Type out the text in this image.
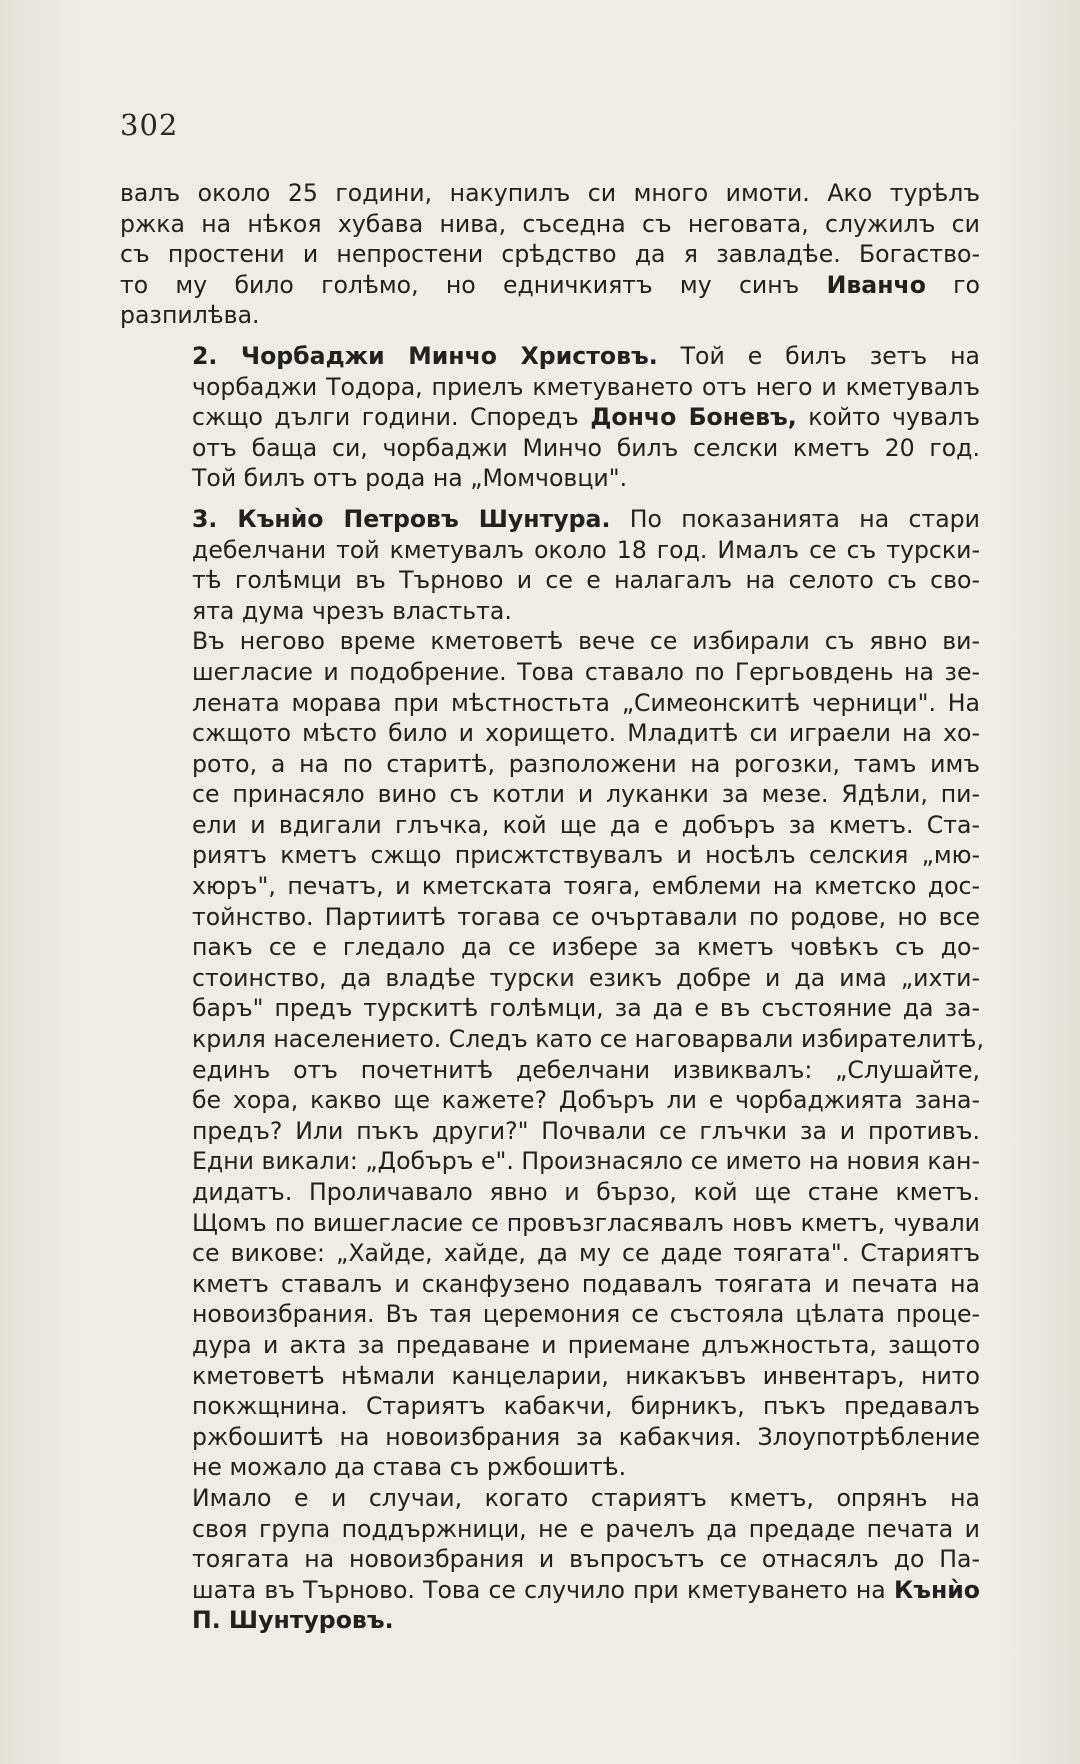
302

валъ около 25 години, накупилъ си много имоти. Ако турѣлъ
ржка на нѣкоя хубава нива, съседна съ неговата, служилъ си
съ простени и непростени срѣдство да я завладѣе. Богаство-
то му било голѣмо, но едничкиятъ му синъ Иванчо го
разпилѣва.

2. Чорбаджи Минчо Христовъ. Той е билъ зетъ на
чорбаджи Тодора, приелъ кметуването отъ него и кметувалъ
сжщо дълги години. Споредъ Дончо Боневъ, който чувалъ
отъ баща си, чорбаджи Минчо билъ селски кметъ 20 год.
Той билъ отъ рода на „Момчовци".

3. Кънѝо Петровъ Шунтура. По показанията на стари
дебелчани той кметувалъ около 18 год. Ималъ се съ турски-
тѣ голѣмци въ Търново и се е налагалъ на селото съ сво-
ята дума чрезъ властьта.

Въ негово време кметоветѣ вече се избирали съ явно ви-
шегласие и подобрение. Това ставало по Гергьовдень на зе-
лената морава при мѣстностьта „Симеонскитѣ черници". На
сжщото мѣсто било и хорището. Младитѣ си играели на хо-
рото, а на по старитѣ, разположени на рогозки, тамъ имъ
се принасяло вино съ котли и луканки за мезе. Ядѣли, пи-
ели и вдигали глъчка, кой ще да е добъръ за кметъ. Ста-
риятъ кметъ сжщо присжтствувалъ и носѣлъ селския „мю-
хюръ", печатъ, и кметската тояга, емблеми на кметско дос-
тойнство. Партиитѣ тогава се очъртавали по родове, но все
пакъ се е гледало да се избере за кметъ човѣкъ съ до-
стоинство, да владѣе турски езикъ добре и да има „ихти-
баръ" предъ турскитѣ голѣмци, за да е въ състояние да за-
криля населението. Следъ като се наговарвали избирателитѣ,
единъ отъ почетнитѣ дебелчани извиквалъ: „Слушайте,
бе хора, какво ще кажете? Добъръ ли е чорбаджията зана-
предъ? Или пъкъ други?" Почвали се глъчки за и противъ.
Едни викали: „Добъръ е". Произнасяло се името на новия кан-
дидатъ. Проличавало явно и бързо, кой ще стане кметъ.
Щомъ по вишегласие се провъзгласявалъ новъ кметъ, чували
се викове: „Хайде, хайде, да му се даде тоягата". Стариятъ
кметъ ставалъ и сканфузено подавалъ тоягата и печата на
новоизбрания. Въ тая церемония се състояла цѣлата проце-
дура и акта за предаване и приемане длъжностьта, защото
кметоветѣ нѣмали канцеларии, никакъвъ инвентаръ, нито
покжщнина. Стариятъ кабакчи, бирникъ, пъкъ предавалъ
ржбошитѣ на новоизбрания за кабакчия. Злоупотрѣбление
не можало да става съ ржбошитѣ.

Имало е и случаи, когато стариятъ кметъ, опрянъ на
своя група поддържници, не е рачелъ да предаде печата и
тоягата на новоизбрания и въпросътъ се отнасялъ до Па-
шата въ Търново. Това се случило при кметуването на Кънѝо
П. Шунтуровъ.
